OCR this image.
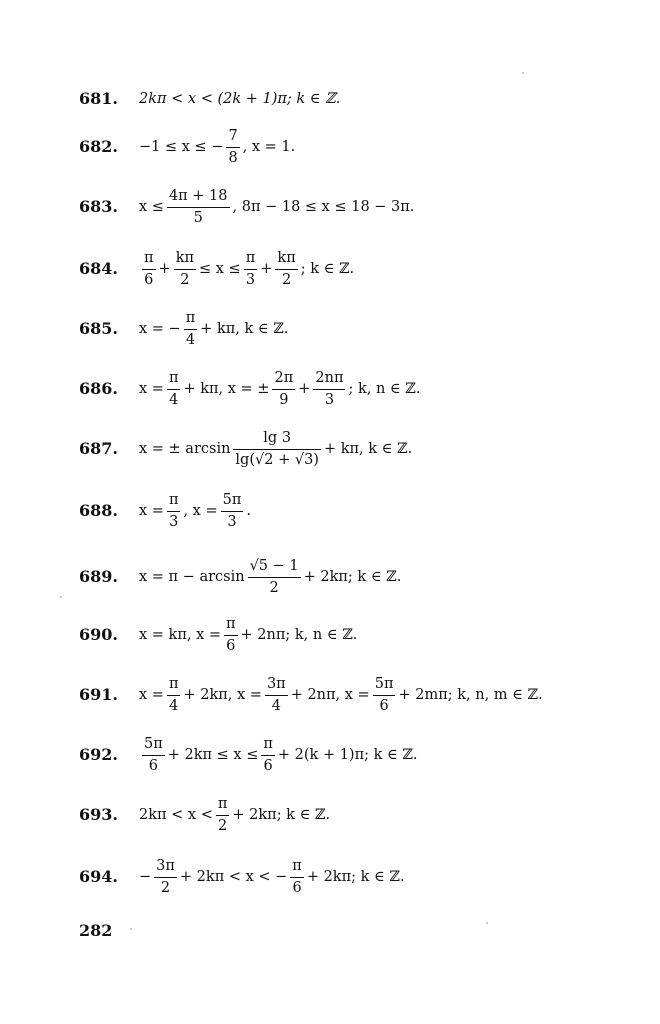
681. 2kπ < x < (2k + 1)π; k ∈ ℤ.
682. −1 ≤ x ≤ − $\frac{7}{8}$ , x = 1.
683. $x \le \frac{4\pi + 18}{5}$ , 8π − 18 ≤ x ≤ 18 − 3π.
684. $\frac{\pi}{6} + \frac{k\pi}{2} \le x \le \frac{\pi}{3} + \frac{k\pi}{2}$ ; k ∈ ℤ.
685. x = − $\frac{\pi}{4} + k\pi$, k ∈ ℤ.
686. $x = \frac{\pi}{4} + k\pi$, x = ± $\frac{2\pi}{9} + \frac{2n\pi}{3}$ ; k, n ∈ ℤ.
687. x = ± $\arcsin \frac{\lg 3}{\lg(√2 + √3)} + k\pi$, k ∈ ℤ.
688. $x = \frac{\pi}{3}$ , $x = \frac{5\pi}{3}$ .
689. $x = \pi - \arcsin \frac{√5 - 1}{2} + 2k\pi$; k ∈ ℤ.
690. x = kπ, $x = \frac{\pi}{6} + 2n\pi$; k, n ∈ ℤ.
691. $x = \frac{\pi}{4} + 2k\pi$, $x = \frac{3\pi}{4} + 2n\pi$, $x = \frac{5\pi}{6} + 2m\pi$; k, n, m ∈ ℤ.
692. $\frac{5\pi}{6} + 2k\pi \le x \le \frac{\pi}{6} + 2(k + 1)\pi$; k ∈ ℤ.
693. $2k\pi < x < \frac{\pi}{2} + 2k\pi$; k ∈ ℤ.
694. − $\frac{3\pi}{2} + 2k\pi < x$ < − $\frac{\pi}{6} + 2k\pi$; k ∈ ℤ.
282
